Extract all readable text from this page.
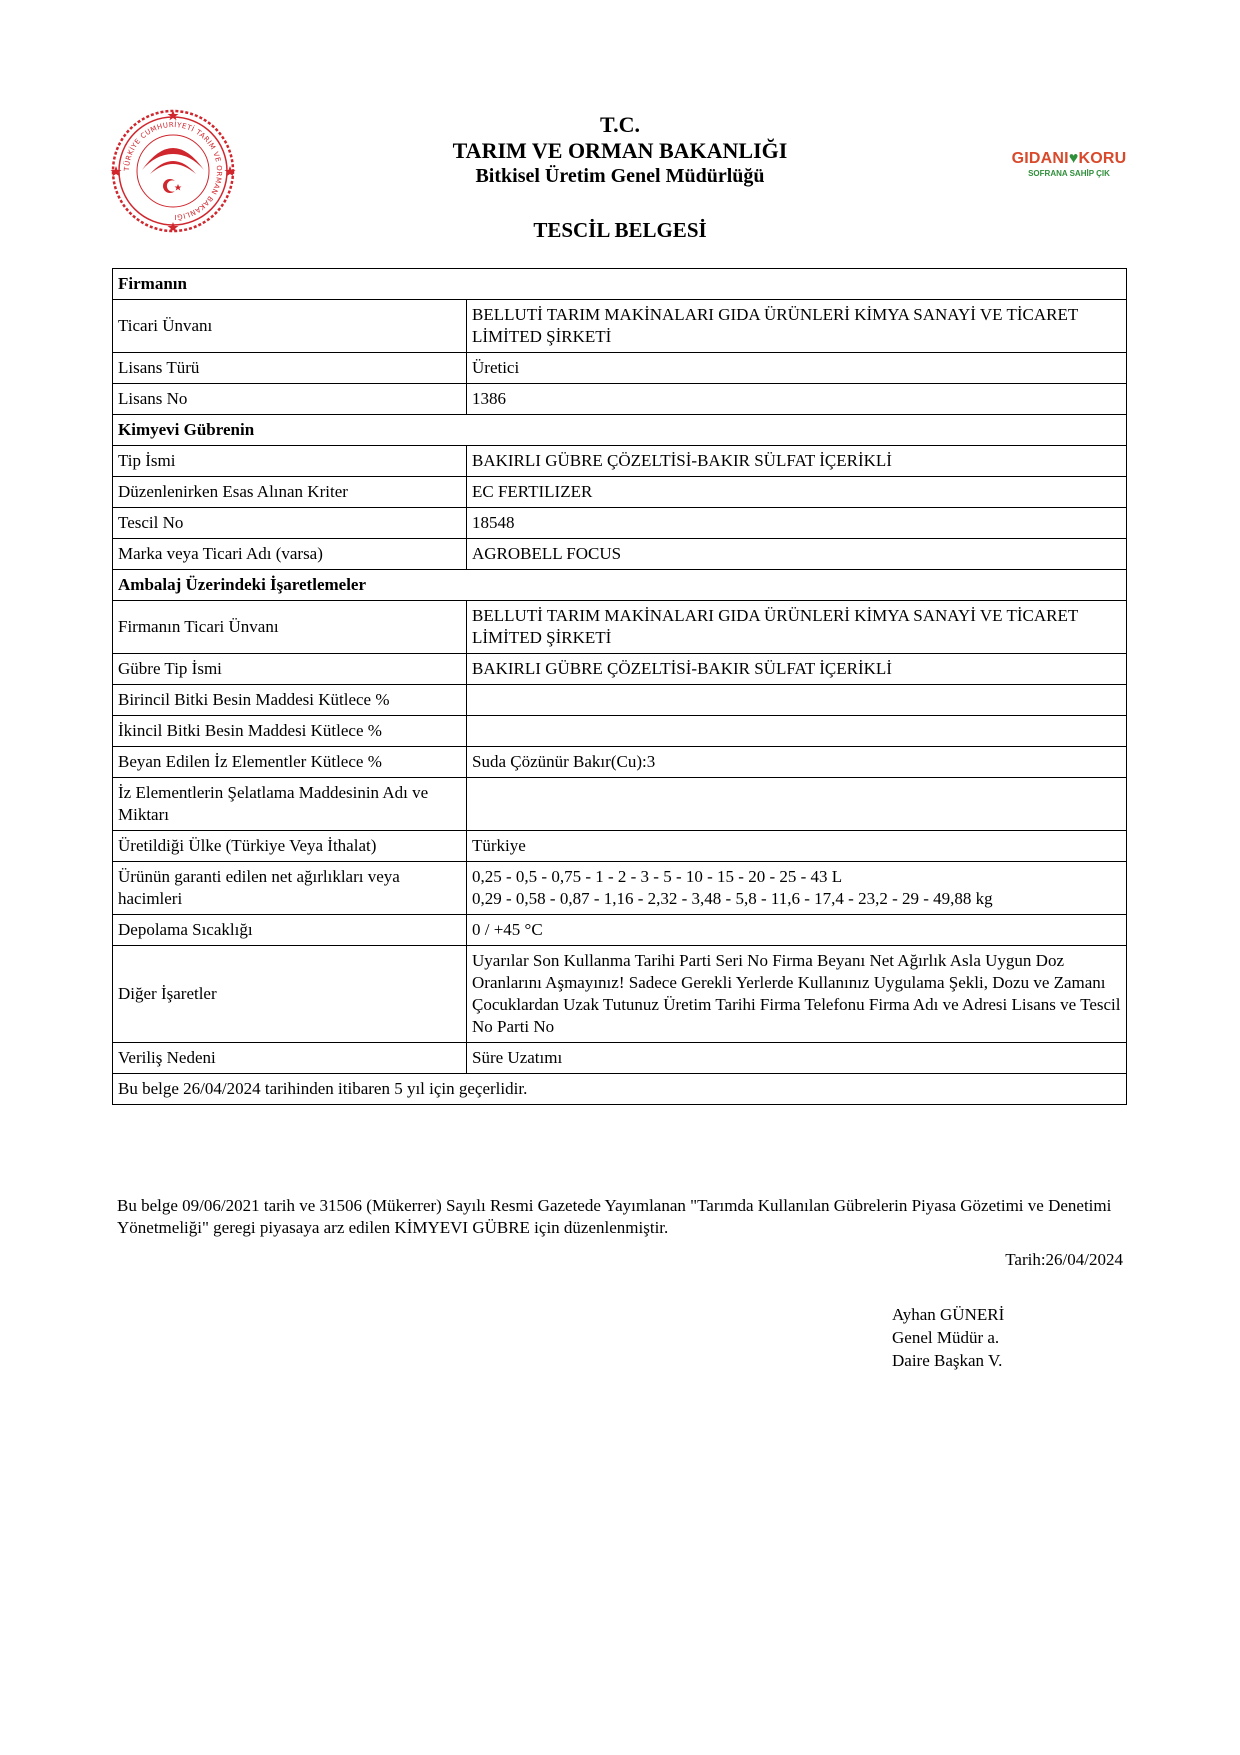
TÜRKİYE CUMHURİYETİ TARIM VE ORMAN BAKANLIĞI
T.C.
TARIM VE ORMAN BAKANLIĞI
Bitkisel Üretim Genel Müdürlüğü
TESCİL BELGESİ
GIDANI♥KORU
SOFRANA SAHİP ÇIK
Firmanın	
Ticari Ünvanı	BELLUTİ TARIM MAKİNALARI GIDA ÜRÜNLERİ KİMYA SANAYİ VE TİCARET LİMİTED ŞİRKETİ
Lisans Türü	Üretici
Lisans No	1386
Kimyevi Gübrenin	
Tip İsmi	BAKIRLI GÜBRE ÇÖZELTİSİ-BAKIR SÜLFAT İÇERİKLİ
Düzenlenirken Esas Alınan Kriter	EC FERTILIZER
Tescil No	18548
Marka veya Ticari Adı (varsa)	AGROBELL FOCUS
Ambalaj Üzerindeki İşaretlemeler	
Firmanın Ticari Ünvanı	BELLUTİ TARIM MAKİNALARI GIDA ÜRÜNLERİ KİMYA SANAYİ VE TİCARET LİMİTED ŞİRKETİ
Gübre Tip İsmi	BAKIRLI GÜBRE ÇÖZELTİSİ-BAKIR SÜLFAT İÇERİKLİ
Birincil Bitki Besin Maddesi Kütlece %	
İkincil Bitki Besin Maddesi Kütlece %	
Beyan Edilen İz Elementler Kütlece %	Suda Çözünür Bakır(Cu):3
İz Elementlerin Şelatlama Maddesinin Adı ve Miktarı	
Üretildiği Ülke (Türkiye Veya İthalat)	Türkiye
Ürünün garanti edilen net ağırlıkları veya hacimleri	0,25 - 0,5 - 0,75 - 1 - 2 - 3 - 5 - 10 - 15 - 20 - 25 - 43 L
0,29 - 0,58 - 0,87 - 1,16 - 2,32 - 3,48 - 5,8 - 11,6 - 17,4 - 23,2 - 29 - 49,88 kg

Depolama Sıcaklığı	0 / +45 °C
Diğer İşaretler	Uyarılar Son Kullanma Tarihi Parti Seri No Firma Beyanı Net Ağırlık Asla Uygun Doz Oranlarını Aşmayınız! Sadece Gerekli Yerlerde Kullanınız Uygulama Şekli, Dozu ve Zamanı Çocuklardan Uzak Tutunuz Üretim Tarihi Firma Telefonu Firma Adı ve Adresi Lisans ve Tescil No Parti No
Veriliş Nedeni	Süre Uzatımı
Bu belge 26/04/2024 tarihinden itibaren 5 yıl için geçerlidir.	
Bu belge 09/06/2021 tarih ve 31506 (Mükerrer) Sayılı Resmi Gazetede Yayımlanan "Tarımda Kullanılan Gübrelerin Piyasa Gözetimi ve Denetimi Yönetmeliği" geregi piyasaya arz edilen KİMYEVI GÜBRE için düzenlenmiştir.
Tarih:26/04/2024
Ayhan GÜNERİ
Genel Müdür a.
Daire Başkan V.
